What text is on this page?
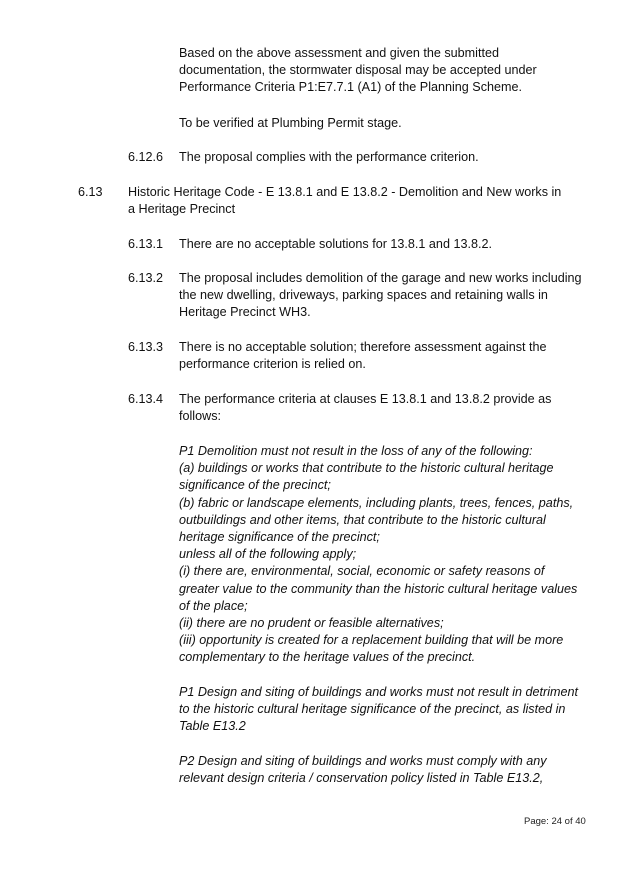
Based on the above assessment and given the submitted documentation, the stormwater disposal may be accepted under Performance Criteria P1:E7.7.1 (A1) of the Planning Scheme.
To be verified at Plumbing Permit stage.
6.12.6 The proposal complies with the performance criterion.
6.13 Historic Heritage Code - E 13.8.1 and E 13.8.2 - Demolition and New works in a Heritage Precinct
6.13.1 There are no acceptable solutions for 13.8.1 and 13.8.2.
6.13.2 The proposal includes demolition of the garage and new works including the new dwelling, driveways, parking spaces and retaining walls in Heritage Precinct WH3.
6.13.3 There is no acceptable solution; therefore assessment against the performance criterion is relied on.
6.13.4 The performance criteria at clauses E 13.8.1 and 13.8.2 provide as follows:
P1 Demolition must not result in the loss of any of the following:
(a) buildings or works that contribute to the historic cultural heritage significance of the precinct;
(b) fabric or landscape elements, including plants, trees, fences, paths, outbuildings and other items, that contribute to the historic cultural heritage significance of the precinct;
unless all of the following apply;
(i) there are, environmental, social, economic or safety reasons of greater value to the community than the historic cultural heritage values of the place;
(ii) there are no prudent or feasible alternatives;
(iii) opportunity is created for a replacement building that will be more complementary to the heritage values of the precinct.
P1 Design and siting of buildings and works must not result in detriment to the historic cultural heritage significance of the precinct, as listed in Table E13.2
P2 Design and siting of buildings and works must comply with any relevant design criteria / conservation policy listed in Table E13.2,
Page: 24 of 40
